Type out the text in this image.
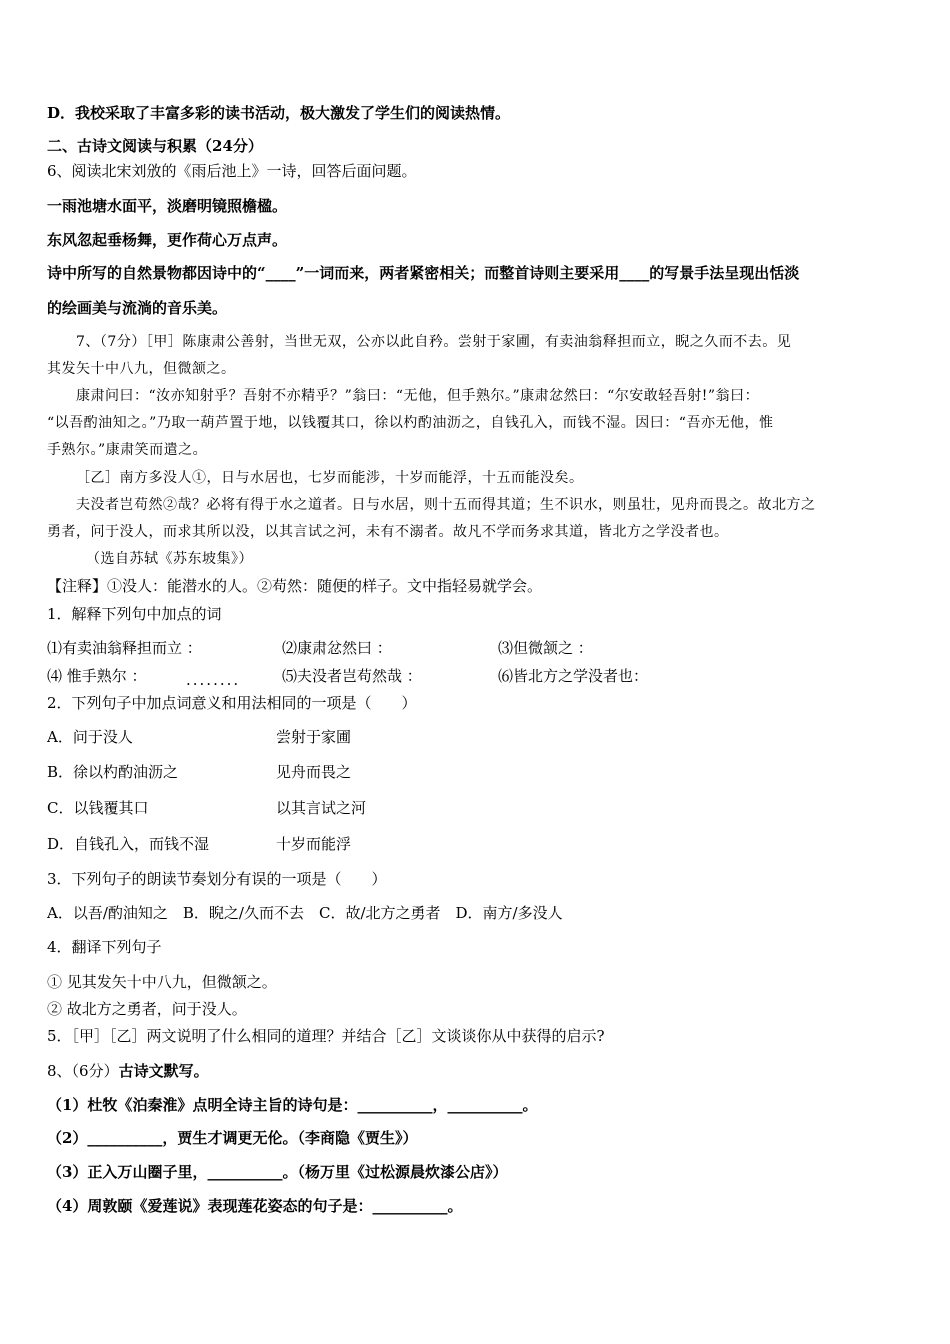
D．我校采取了丰富多彩的读书活动，极大激发了学生们的阅读热情。
二、古诗文阅读与积累（24分）
6、阅读北宋刘攽的《雨后池上》一诗，回答后面问题。
一雨池塘水面平，淡磨明镜照檐楹。
东风忽起垂杨舞，更作荷心万点声。
诗中所写的自然景物都因诗中的“____”一词而来，两者紧密相关；而整首诗则主要采用____的写景手法呈现出恬淡
的绘画美与流淌的音乐美。
7、（7分）［甲］陈康肃公善射，当世无双，公亦以此自矜。尝射于家圃，有卖油翁释担而立，睨之久而不去。见
其发矢十中八九，但微颔之。
康肃问曰：“汝亦知射乎？吾射不亦精乎？”翁曰：“无他，但手熟尔。”康肃忿然曰：“尔安敢轻吾射!”翁曰：
“以吾酌油知之。”乃取一葫芦置于地，以钱覆其口，徐以杓酌油沥之，自钱孔入，而钱不湿。因曰：“吾亦无他，惟
手熟尔。”康肃笑而遣之。
［乙］南方多没人①，日与水居也，七岁而能涉，十岁而能浮，十五而能没矣。
夫没者岂苟然②哉？必将有得于水之道者。日与水居，则十五而得其道；生不识水，则虽壮，见舟而畏之。故北方之
勇者，问于没人，而求其所以没，以其言试之河，未有不溺者。故凡不学而务求其道，皆北方之学没者也。
（选自苏轼《苏东坡集》）
【注释】①没人：能潜水的人。②苟然：随便的样子。文中指轻易就学会。
1．解释下列句中加点的词
⑴有卖油翁释担而立 ：	⑵康肃忿然曰 ：	⑶但微颔之 ：
⑷ 惟手熟尔 ：	........	⑸夫没者岂苟然哉 ：	⑹皆北方之学没者也：
2．下列句子中加点词意义和用法相同的一项是（　　）
A．问于没人	尝射于家圃
B．徐以杓酌油沥之	见舟而畏之
C．以钱覆其口	以其言试之河
D．自钱孔入，而钱不湿	十岁而能浮
3．下列句子的朗读节奏划分有误的一项是（　　）
A．以吾/酌油知之　B．睨之/久而不去　C．故/北方之勇者　D．南方/多没人
4．翻译下列句子
① 见其发矢十中八九，但微颔之。
② 故北方之勇者，问于没人。
5．［甲］［乙］两文说明了什么相同的道理？并结合［乙］文谈谈你从中获得的启示?
8、（6分）古诗文默写。
（1）杜牧《泊秦淮》点明全诗主旨的诗句是：__________，__________。
（2）__________，贾生才调更无伦。（李商隐《贾生》）
（3）正入万山圈子里，__________。（杨万里《过松源晨炊漆公店》）
（4）周敦颐《爱莲说》表现莲花姿态的句子是：__________。
